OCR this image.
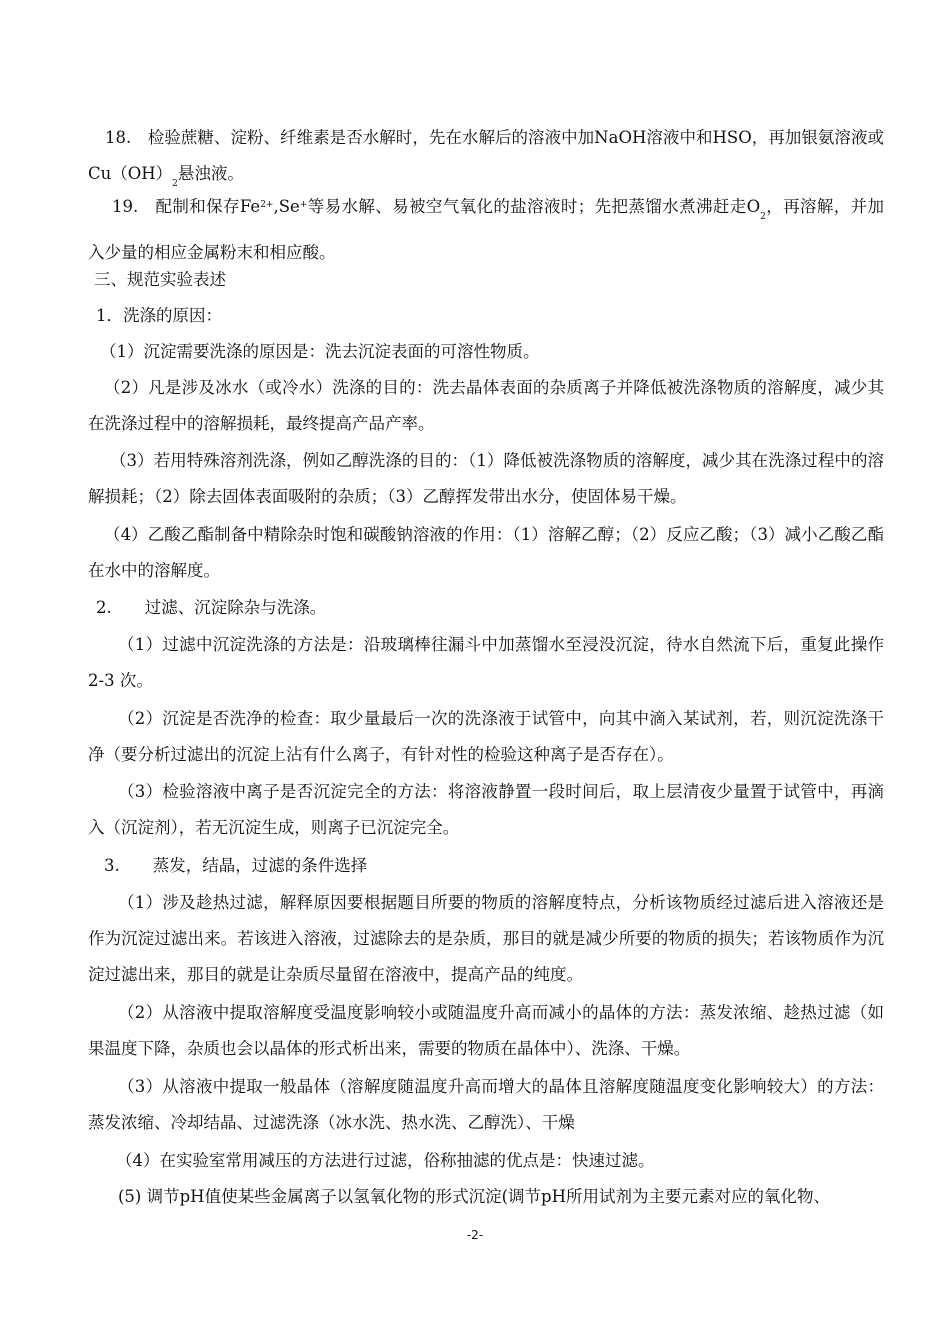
18.　检验蔗糖、淀粉、纤维素是否水解时，先在水解后的溶液中加NaOH溶液中和HSO，再加银氨溶液或$Cu(OH)_2$悬浊液。
19.　配制和保存$Fe^{2+},Se^+$等易水解、易被空气氧化的盐溶液时；先把蒸馏水煮沸赶走$O_2$，再溶解，并加入少量的相应金属粉末和相应酸。
三、规范实验表述
1．洗涤的原因：
（1）沉淀需要洗涤的原因是：洗去沉淀表面的可溶性物质。
（2）凡是涉及冰水（或冷水）洗涤的目的：洗去晶体表面的杂质离子并降低被洗涤物质的溶解度，减少其在洗涤过程中的溶解损耗，最终提高产品产率。
（3）若用特殊溶剂洗涤，例如乙醇洗涤的目的：（1）降低被洗涤物质的溶解度，减少其在洗涤过程中的溶解损耗；（2）除去固体表面吸附的杂质；（3）乙醇挥发带出水分，使固体易干燥。
（4）乙酸乙酯制备中精除杂时饱和碳酸钠溶液的作用：（1）溶解乙醇；（2）反应乙酸；（3）减小乙酸乙酯在水中的溶解度。
2.　　过滤、沉淀除杂与洗涤。
（1）过滤中沉淀洗涤的方法是：沿玻璃棒往漏斗中加蒸馏水至浸没沉淀，待水自然流下后，重复此操作 2-3 次。
（2）沉淀是否洗净的检查：取少量最后一次的洗涤液于试管中，向其中滴入某试剂，若，则沉淀洗涤干净（要分析过滤出的沉淀上沾有什么离子，有针对性的检验这种离子是否存在）。
（3）检验溶液中离子是否沉淀完全的方法：将溶液静置一段时间后，取上层清夜少量置于试管中，再滴入（沉淀剂），若无沉淀生成，则离子已沉淀完全。
3.　　蒸发，结晶，过滤的条件选择
（1）涉及趁热过滤，解释原因要根据题目所要的物质的溶解度特点，分析该物质经过滤后进入溶液还是作为沉淀过滤出来。若该进入溶液，过滤除去的是杂质，那目的就是减少所要的物质的损失；若该物质作为沉淀过滤出来，那目的就是让杂质尽量留在溶液中，提高产品的纯度。
（2）从溶液中提取溶解度受温度影响较小或随温度升高而减小的晶体的方法：蒸发浓缩、趁热过滤（如果温度下降，杂质也会以晶体的形式析出来，需要的物质在晶体中）、洗涤、干燥。
（3）从溶液中提取一般晶体（溶解度随温度升高而增大的晶体且溶解度随温度变化影响较大）的方法：蒸发浓缩、冷却结晶、过滤洗涤（冰水洗、热水洗、乙醇洗）、干燥
（4）在实验室常用减压的方法进行过滤，俗称抽滤的优点是：快速过滤。
(5) 调节pH值使某些金属离子以氢氧化物的形式沉淀(调节pH所用试剂为主要元素对应的氧化物、
-2-
